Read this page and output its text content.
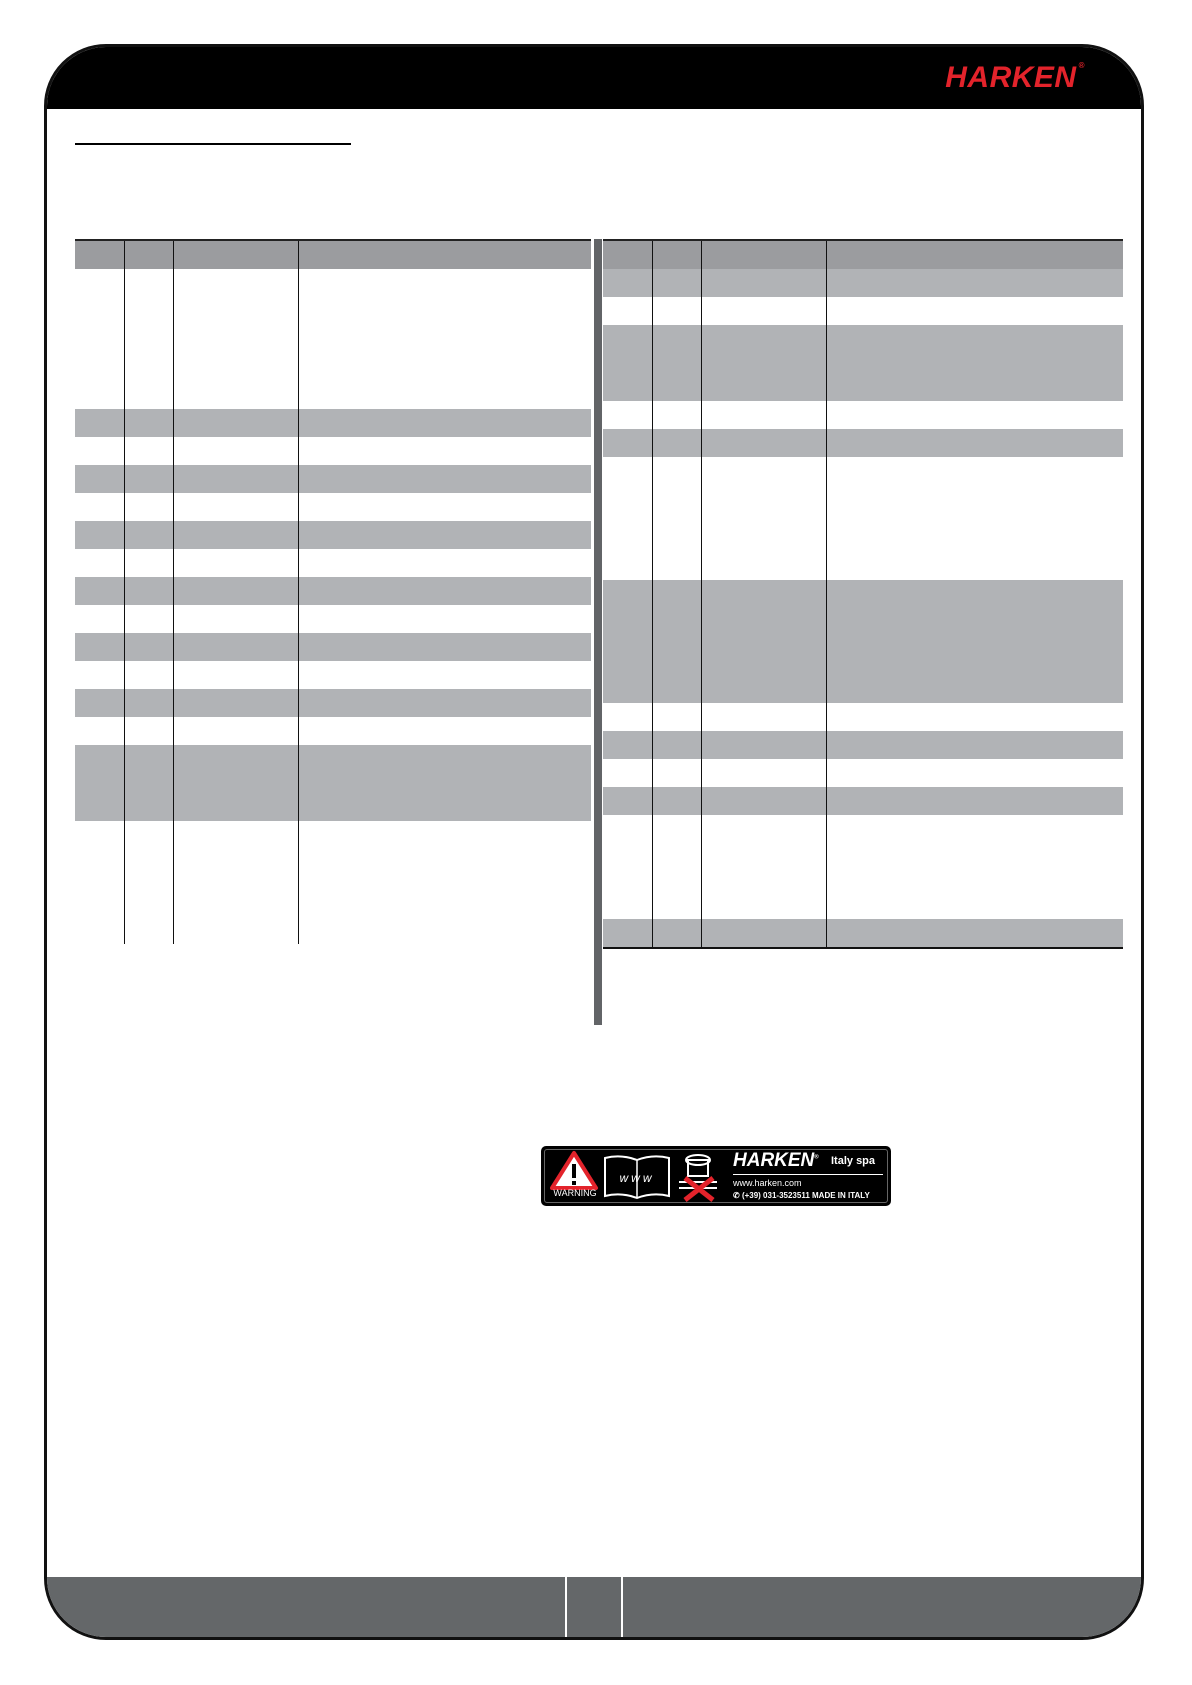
HARKEN ®

WARNING
www
HARKEN® Italy spa
www.harken.com
✆ (+39) 031-3523511 MADE IN ITALY
